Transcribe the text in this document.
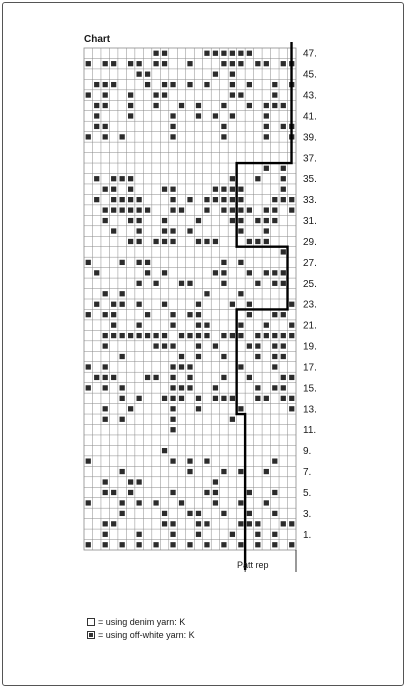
Chart
47.
45.
43.
41.
39.
37.
35.
33.
31.
29.
27.
25.
23.
21.
19.
17.
15.
13.
11.
9.
7.
5.
3.
1.
Patt rep
= using denim yarn: K
= using off-white yarn: K
